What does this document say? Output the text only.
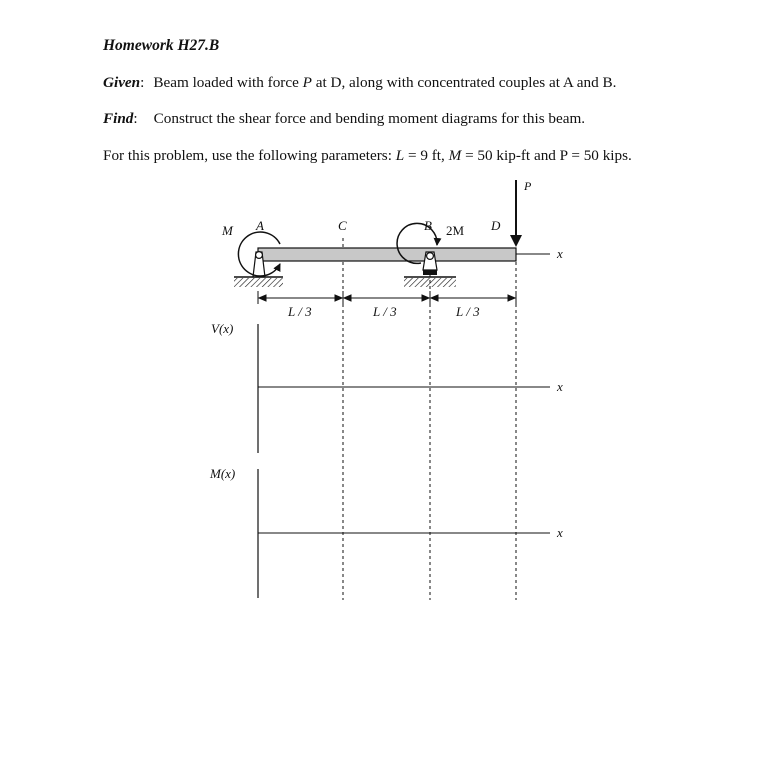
Homework H27.B
Given: Beam loaded with force P at D, along with concentrated couples at A and B.
Find: Construct the shear force and bending moment diagrams for this beam.
For this problem, use the following parameters: L = 9 ft, M = 50 kip-ft and P = 50 kips.
x
P
M A	2M
B
C	D
L / 3	L / 3	L / 3
V(x)
x
M(x)
x
